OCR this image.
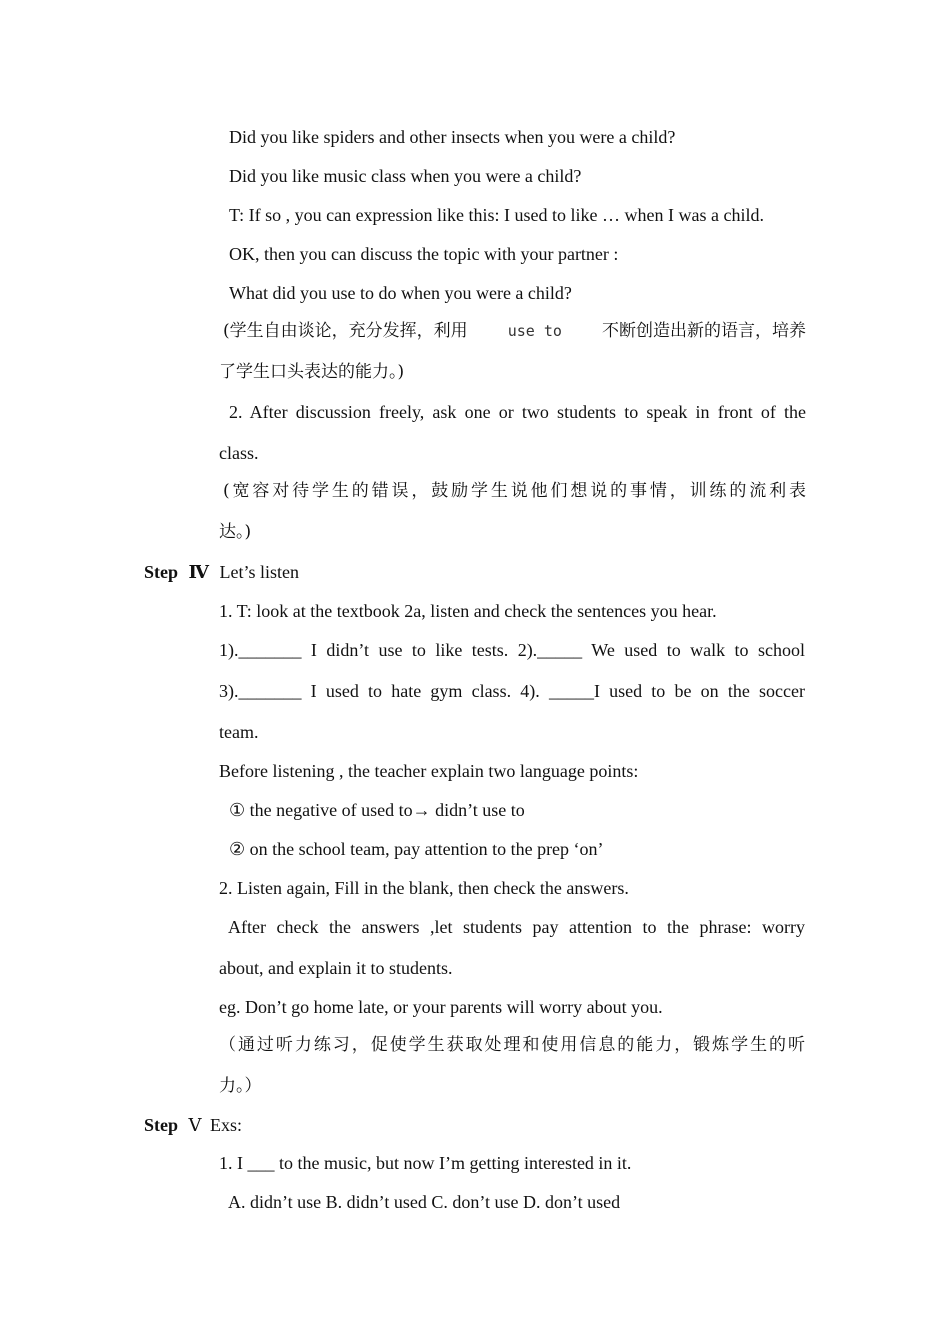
Did you like spiders and other insects when you were a child?
Did you like music class when you were a child?
T: If so , you can expression like this: I used to like … when I was a child.
OK, then you can discuss the topic with your partner :
What did you use to do when you were a child?
(学生自由谈论，充分发挥，利用	use to 不断创造出新的语言，培养
了学生口头表达的能力。)
2. After discussion freely, ask one or two students to speak in front of the
class.
(宽容对待学生的错误，鼓励学生说他们想说的事情，训练的流利表
达。)
Step Ⅳ Let’s listen
1. T: look at the textbook 2a, listen and check the sentences you hear.
1)._______ I didn’t use to like tests. 2)._____ We used to walk to school
3)._______ I used to hate gym class. 4). _____I used to be on the soccer
team.
Before listening , the teacher explain two language points:
① the negative of used to→ didn’t use to
② on the school team, pay attention to the prep ‘on’
2. Listen again, Fill in the blank, then check the answers.
After check the answers ,let students pay attention to the phrase: worry
about, and explain it to students.
eg. Don’t go home late, or your parents will worry about you.
（通过听力练习，促使学生获取处理和使用信息的能力，锻炼学生的听
力。）
Step Ⅴ Exs:
1. I ___ to the music, but now I’m getting interested in it.
A. didn’t use B. didn’t used C. don’t use D. don’t used
